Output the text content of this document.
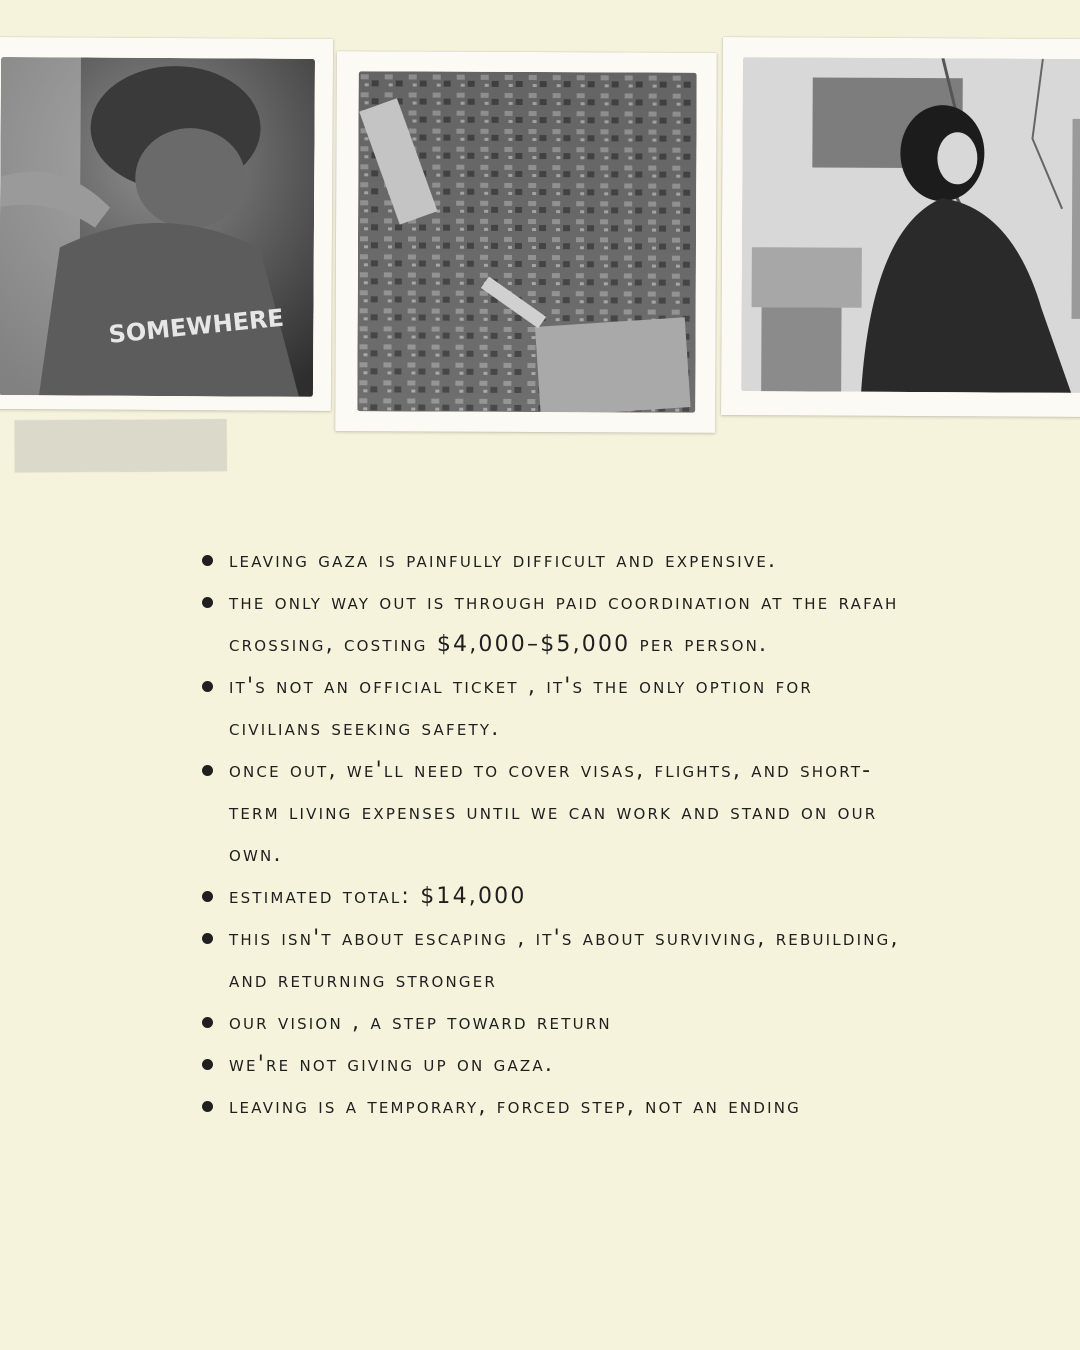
SOMEWHERE
leaving gaza is painfully difficult and expensive.
the only way out is through paid coordination at the rafah crossing, costing $4,000–$5,000 per person.
it's not an official ticket , it's the only option for civilians seeking safety.
once out, we'll need to cover visas, flights, and short-term living expenses until we can work and stand on our own.
estimated total: $14,000
this isn't about escaping , it's about surviving, rebuilding, and returning stronger
our vision , a step toward return
we're not giving up on gaza.
leaving is a temporary, forced step, not an ending
